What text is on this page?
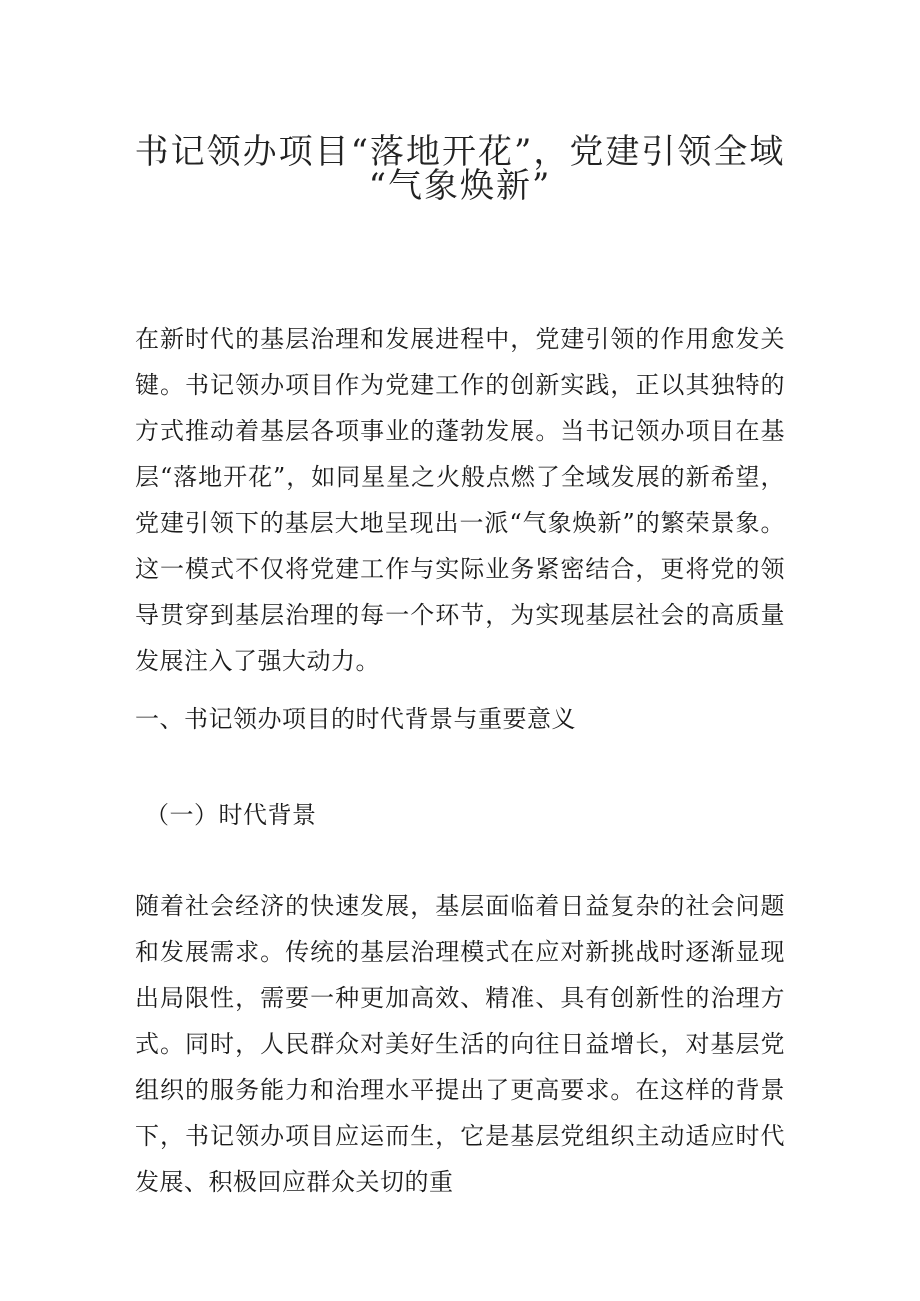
书记领办项目“落地开花”，党建引领全域
“气象焕新”
在新时代的基层治理和发展进程中，党建引领的作用愈发关键。书记领办项目作为党建工作的创新实践，正以其独特的方式推动着基层各项事业的蓬勃发展。当书记领办项目在基层“落地开花”，如同星星之火般点燃了全域发展的新希望，党建引领下的基层大地呈现出一派“气象焕新”的繁荣景象。这一模式不仅将党建工作与实际业务紧密结合，更将党的领导贯穿到基层治理的每一个环节，为实现基层社会的高质量发展注入了强大动力。
一、书记领办项目的时代背景与重要意义
（一）时代背景
随着社会经济的快速发展，基层面临着日益复杂的社会问题和发展需求。传统的基层治理模式在应对新挑战时逐渐显现出局限性，需要一种更加高效、精准、具有创新性的治理方式。同时，人民群众对美好生活的向往日益增长，对基层党组织的服务能力和治理水平提出了更高要求。在这样的背景下，书记领办项目应运而生，它是基层党组织主动适应时代发展、积极回应群众关切的重
